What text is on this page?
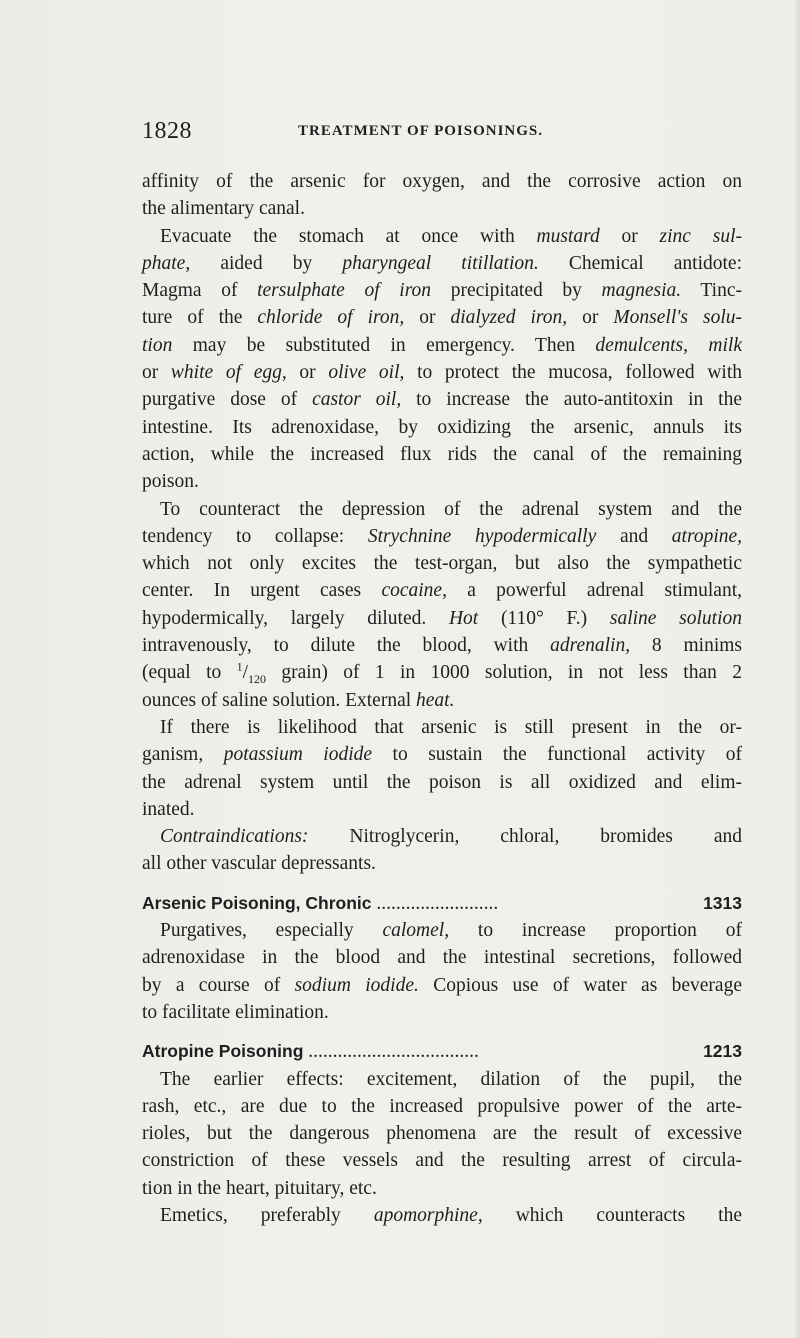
1828	TREATMENT OF POISONINGS.
affinity of the arsenic for oxygen, and the corrosive action on
the alimentary canal.
Evacuate the stomach at once with mustard or zinc sul-
phate, aided by pharyngeal titillation. Chemical antidote:
Magma of tersulphate of iron precipitated by magnesia. Tinc-
ture of the chloride of iron, or dialyzed iron, or Monsell's solu-
tion may be substituted in emergency. Then demulcents, milk
or white of egg, or olive oil, to protect the mucosa, followed with
purgative dose of castor oil, to increase the auto-antitoxin in the
intestine. Its adrenoxidase, by oxidizing the arsenic, annuls its
action, while the increased flux rids the canal of the remaining
poison.
To counteract the depression of the adrenal system and the
tendency to collapse: Strychnine hypodermically and atropine,
which not only excites the test-organ, but also the sympathetic
center. In urgent cases cocaine, a powerful adrenal stimulant,
hypodermically, largely diluted. Hot (110° F.) saline solution
intravenously, to dilute the blood, with adrenalin, 8 minims
(equal to $^1/_{120}$ grain) of 1 in 1000 solution, in not less than 2
ounces of saline solution. External heat.
If there is likelihood that arsenic is still present in the or-
ganism, potassium iodide to sustain the functional activity of
the adrenal system until the poison is all oxidized and elim-
inated.
Contraindications: Nitroglycerin, chloral, bromides and
all other vascular depressants.
Arsenic Poisoning, Chronic .........................	1313
Purgatives, especially calomel, to increase proportion of
adrenoxidase in the blood and the intestinal secretions, followed
by a course of sodium iodide. Copious use of water as beverage
to facilitate elimination.
Atropine Poisoning ...................................	1213
The earlier effects: excitement, dilation of the pupil, the
rash, etc., are due to the increased propulsive power of the arte-
rioles, but the dangerous phenomena are the result of excessive
constriction of these vessels and the resulting arrest of circula-
tion in the heart, pituitary, etc.
Emetics, preferably apomorphine, which counteracts the
